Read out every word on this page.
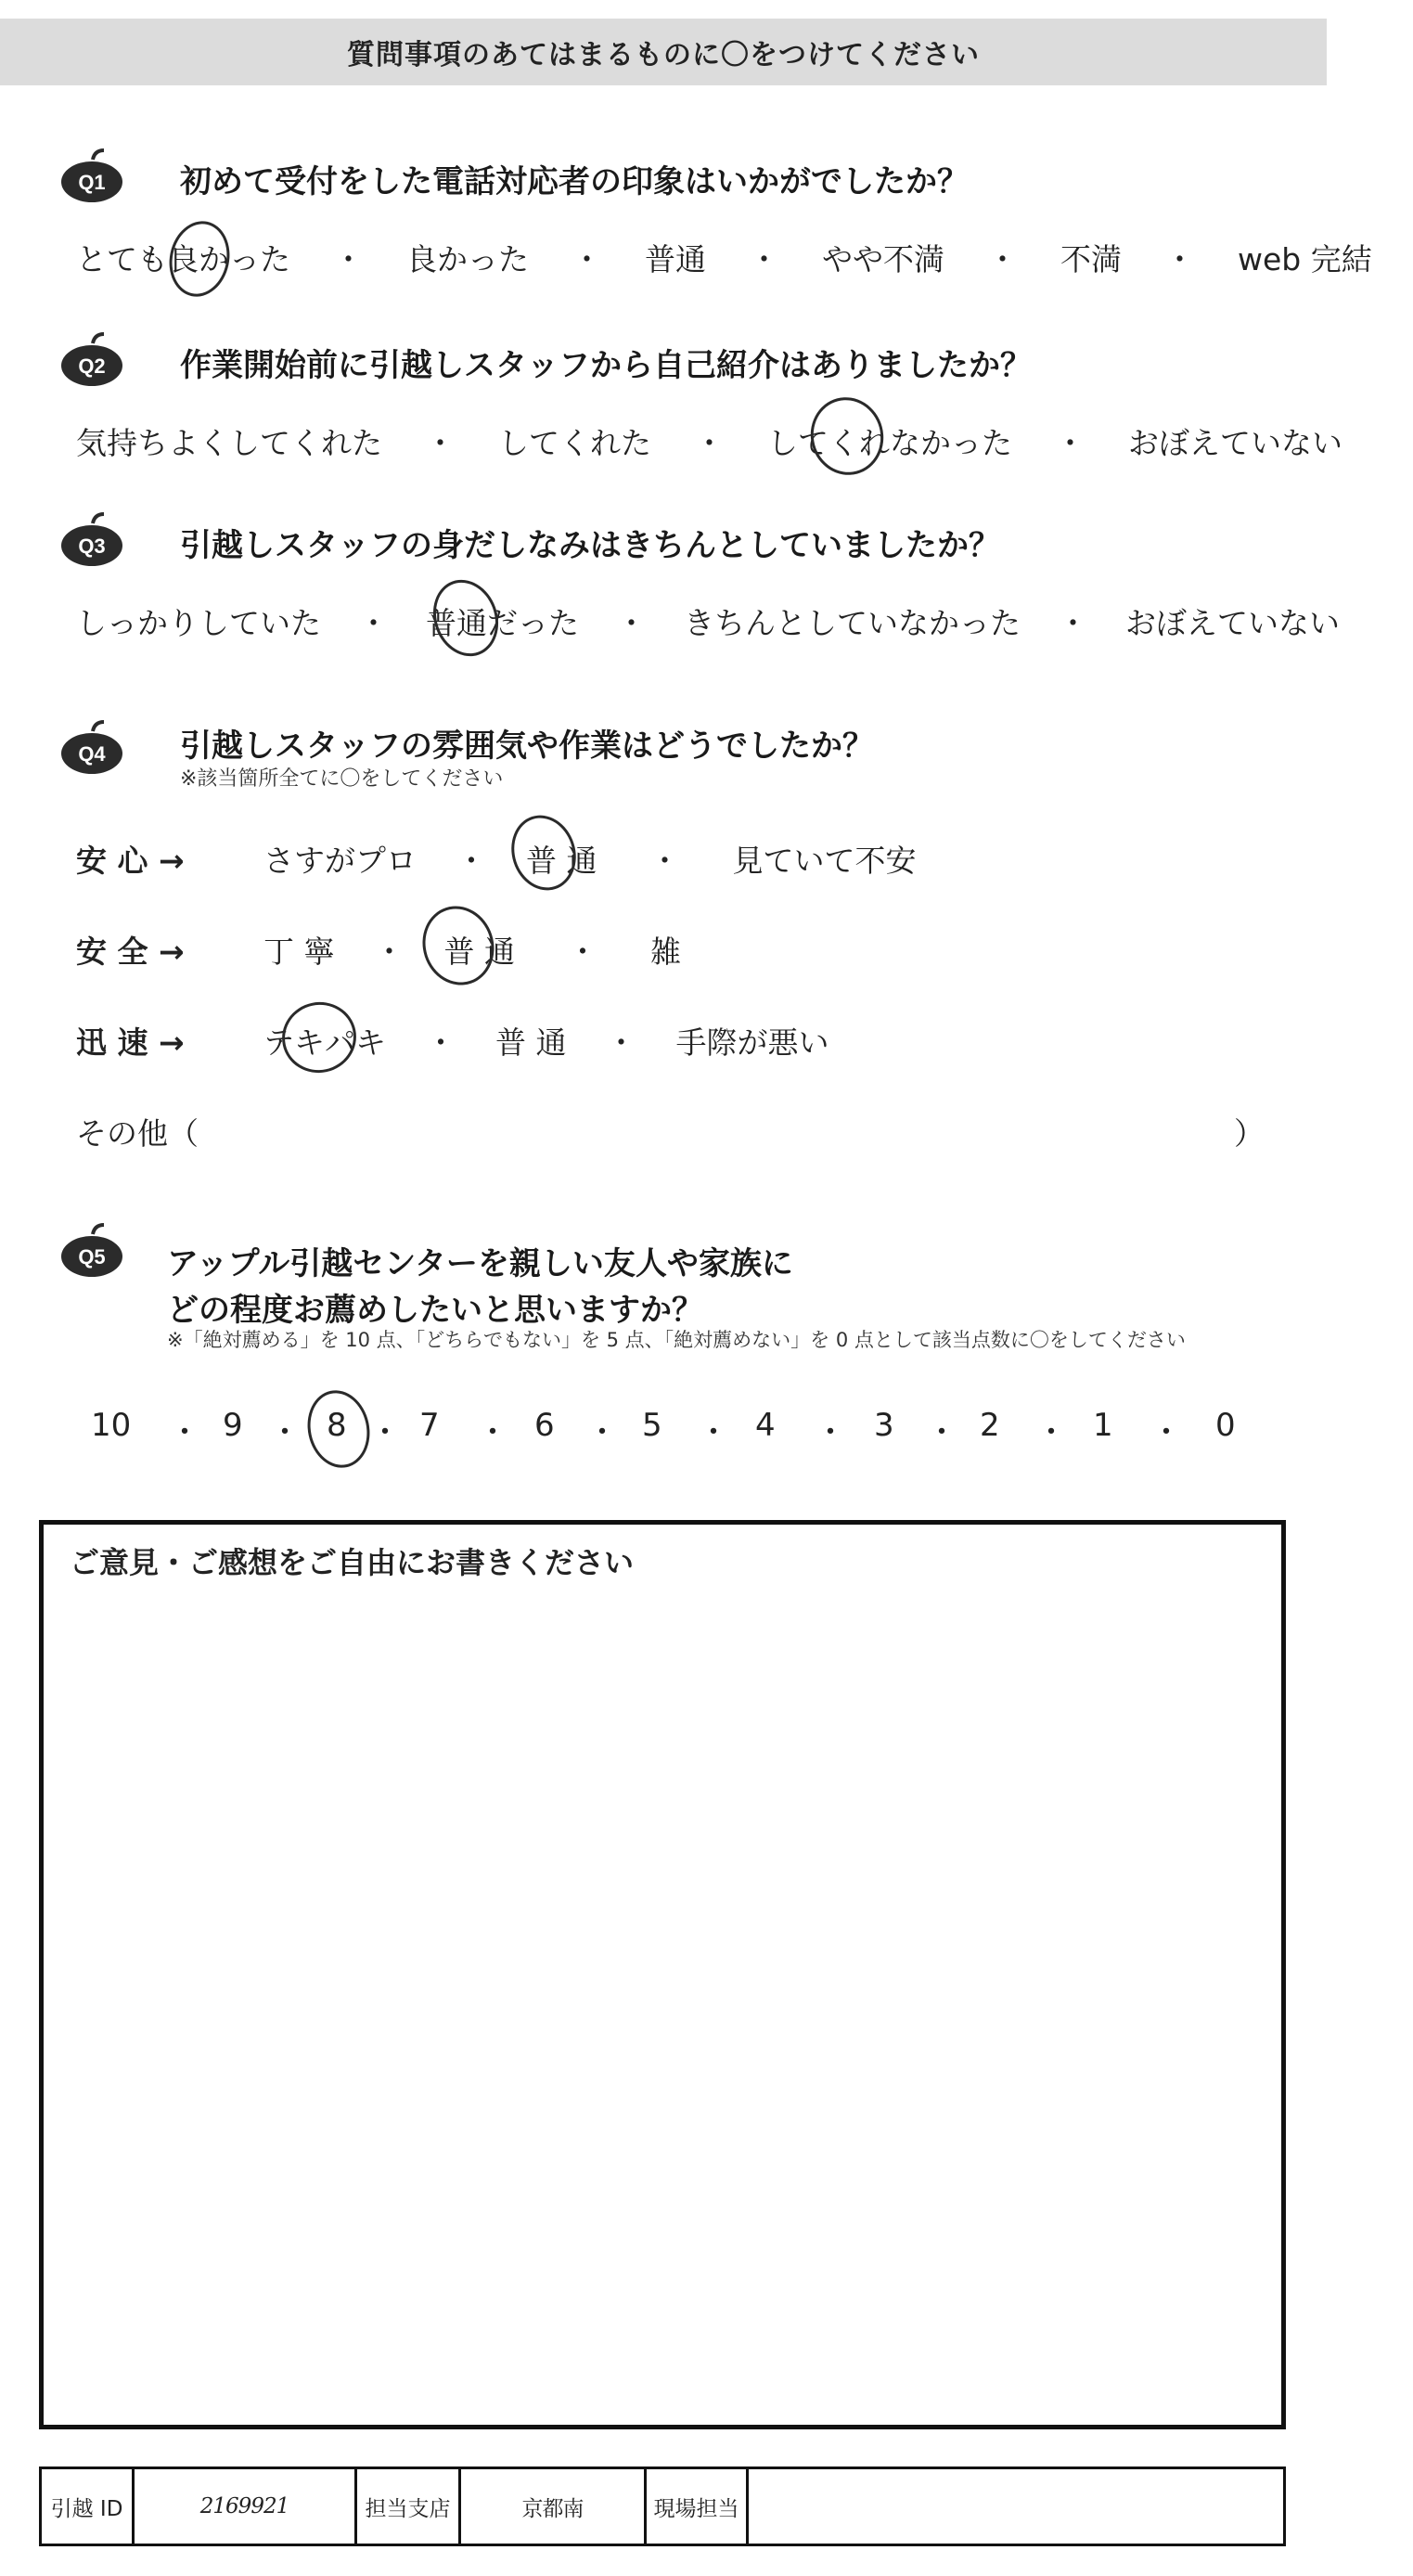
質問事項のあてはまるものに〇をつけてください
Q1 初めて受付をした電話対応者の印象はいかがでしたか？
とても良かった ・ 良かった ・ 普通 ・ やや不満 ・ 不満 ・ web 完結
Q2 作業開始前に引越しスタッフから自己紹介はありましたか？
気持ちよくしてくれた ・ してくれた ・ してくれなかった ・ おぼえていない
Q3 引越しスタッフの身だしなみはきちんとしていましたか？
しっかりしていた ・ 普通だった ・ きちんとしていなかった ・ おぼえていない
Q4 引越しスタッフの雰囲気や作業はどうでしたか？
※該当箇所全てに〇をしてください
安 心 →	さすがプロ ・ 普 通 ・ 見ていて不安
安 全 →	丁 寧 ・ 普 通 ・ 雑
迅 速 →	テキパキ ・ 普 通 ・ 手際が悪い
その他（	）
Q5 アップル引越センターを親しい友人や家族に
どの程度お薦めしたいと思いますか？
※「絶対薦める」を 10 点、「どちらでもない」を 5 点、「絶対薦めない」を 0 点として該当点数に〇をしてください
10 ・ 9 ・ 8 ・ 7 ・ 6 ・ 5 ・ 4 ・ 3 ・ 2 ・ 1 ・ 0
ご意見・ご感想をご自由にお書きください
引越 ID	2169921	担当支店	京都南	現場担当
